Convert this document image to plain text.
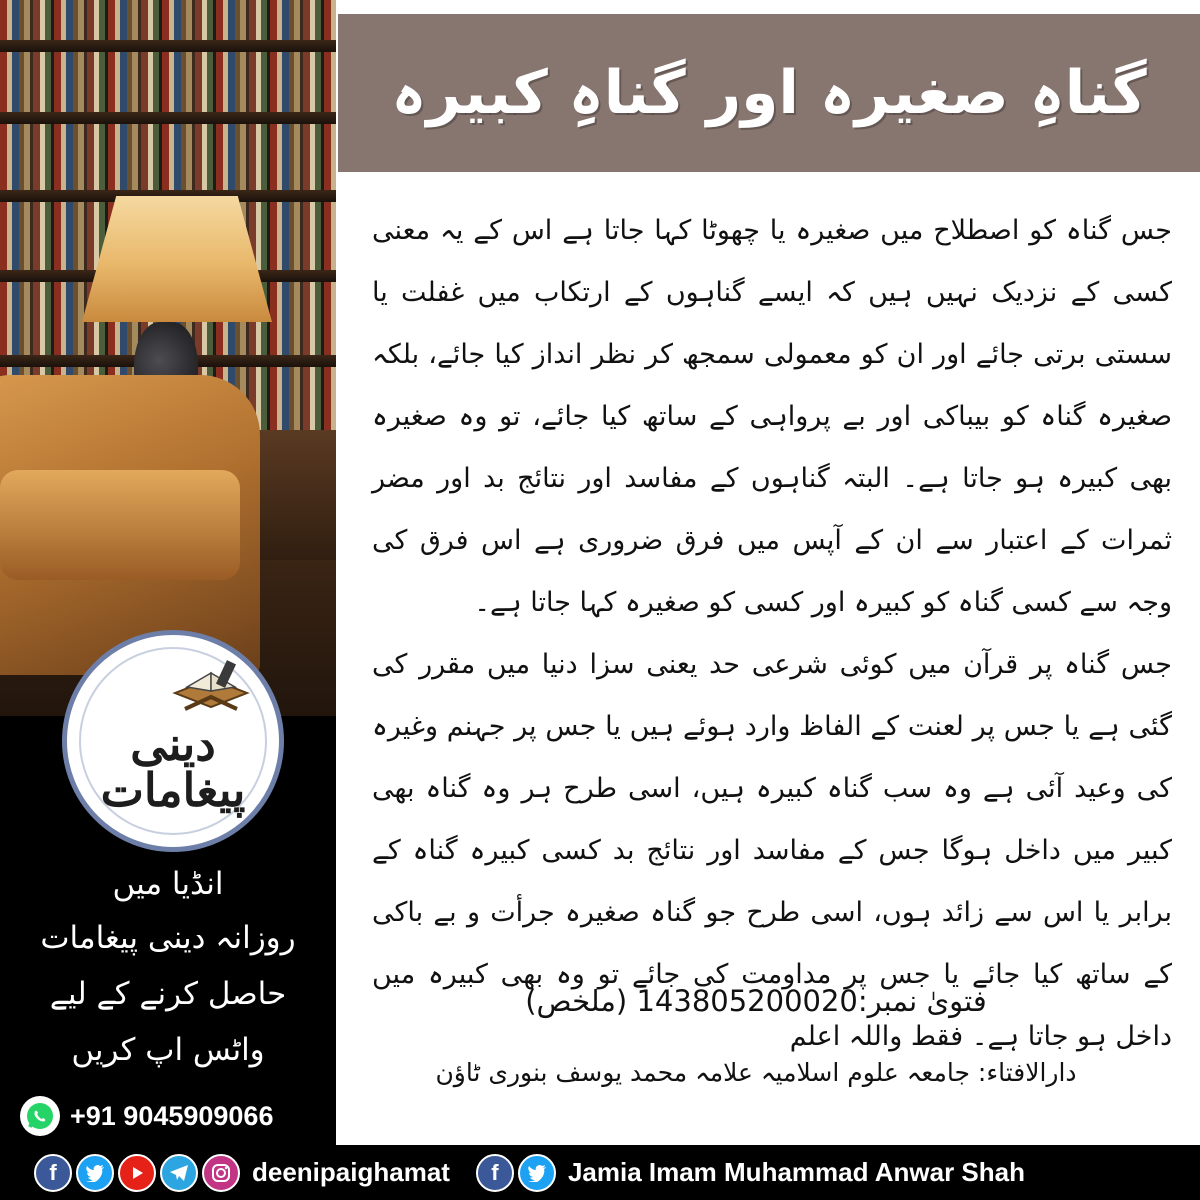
دینی پیغامات
انڈیا میں
روزانہ دینی پیغامات
حاصل کرنے کے لیے
واٹس اپ کریں
+91 9045909066
گناہِ صغیرہ اور گناہِ کبیرہ
جس گناہ کو اصطلاح میں صغیرہ یا چھوٹا کہا جاتا ہے اس کے یہ معنی کسی کے نزدیک نہیں ہیں کہ ایسے گناہوں کے ارتکاب میں غفلت یا سستی برتی جائے اور ان کو معمولی سمجھ کر نظر انداز کیا جائے، بلکہ صغیرہ گناہ کو بیباکی اور بے پرواہی کے ساتھ کیا جائے، تو وہ صغیرہ بھی کبیرہ ہو جاتا ہے۔ البتہ گناہوں کے مفاسد اور نتائج بد اور مضر ثمرات کے اعتبار سے ان کے آپس میں فرق ضروری ہے اس فرق کی وجہ سے کسی گناہ کو کبیرہ اور کسی کو صغیرہ کہا جاتا ہے۔
جس گناہ پر قرآن میں کوئی شرعی حد یعنی سزا دنیا میں مقرر کی گئی ہے یا جس پر لعنت کے الفاظ وارد ہوئے ہیں یا جس پر جہنم وغیرہ کی وعید آئی ہے وہ سب گناہ کبیرہ ہیں، اسی طرح ہر وہ گناہ بھی کبیر میں داخل ہوگا جس کے مفاسد اور نتائج بد کسی کبیرہ گناہ کے برابر یا اس سے زائد ہوں، اسی طرح جو گناہ صغیرہ جرأت و بے باکی کے ساتھ کیا جائے یا جس پر مداومت کی جائے تو وہ بھی کبیرہ میں داخل ہو جاتا ہے۔ فقط واللہ اعلم
فتویٰ نمبر:143805200020 (ملخص)
دارالافتاء: جامعہ علوم اسلامیہ علامہ محمد یوسف بنوری ٹاؤن
f	deenipaighamat	f	Jamia Imam Muhammad Anwar Shah
